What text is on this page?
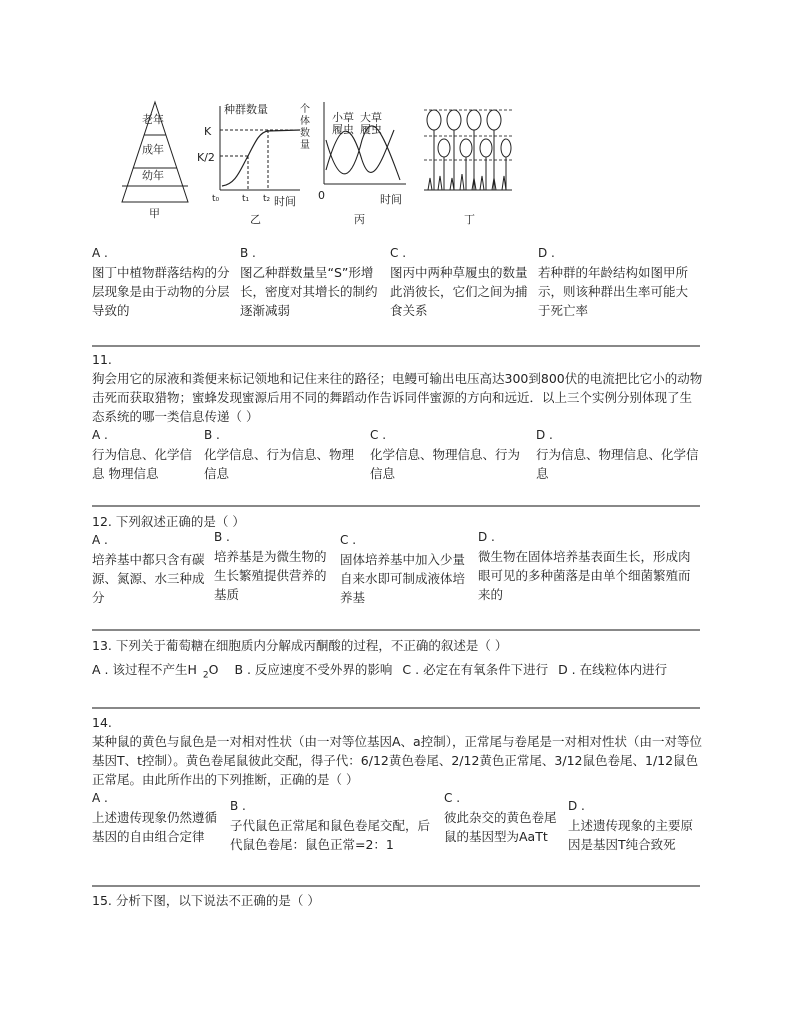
老年
成年
幼年
甲
种群数量
K
K/2
t₀	t₁ t₂ 时间
乙
个体数量
小草
履虫
大草
履虫
0	时间
丙	丁
A .
图丁中植物群落结构的分层现象是由于动物的分层导致的
B .
图乙种群数量呈“S”形增长，密度对其增长的制约逐渐减弱
C .
图丙中两种草履虫的数量此消彼长，它们之间为捕食关系
D .
若种群的年龄结构如图甲所示，则该种群出生率可能大于死亡率
11.
狗会用它的尿液和粪便来标记领地和记住来往的路径；电鳗可输出电压高达300到800伏的电流把比它小的动物击死而获取猎物；蜜蜂发现蜜源后用不同的舞蹈动作告诉同伴蜜源的方向和远近．以上三个实例分别体现了生态系统的哪一类信息传递（ ）
A .
行为信息、化学信息 物理信息
B .
化学信息、行为信息、物理信息
C .
化学信息、物理信息、行为信息
D .
行为信息、物理信息、化学信息
12. 下列叙述正确的是（ ）
A .
培养基中都只含有碳源、氮源、水三种成分
B .
培养基是为微生物的生长繁殖提供营养的基质
C .
固体培养基中加入少量自来水即可制成液体培养基
D .
微生物在固体培养基表面生长，形成肉眼可见的多种菌落是由单个细菌繁殖而来的
13. 下列关于葡萄糖在细胞质内分解成丙酮酸的过程，不正确的叙述是（ ）
A . 该过程不产生H $_2$O B . 反应速度不受外界的影响 C . 必定在有氧条件下进行 D . 在线粒体内进行
14.
某种鼠的黄色与鼠色是一对相对性状（由一对等位基因A、a控制），正常尾与卷尾是一对相对性状（由一对等位基因T、t控制）。黄色卷尾鼠彼此交配，得子代：6/12黄色卷尾、2/12黄色正常尾、3/12鼠色卷尾、1/12鼠色正常尾。由此所作出的下列推断，正确的是（ ）
A .
上述遗传现象仍然遵循基因的自由组合定律
B .
子代鼠色正常尾和鼠色卷尾交配，后代鼠色卷尾：鼠色正常=2：1
C .
彼此杂交的黄色卷尾鼠的基因型为AaTt
D .
上述遗传现象的主要原因是基因T纯合致死
15. 分析下图，以下说法不正确的是（ ）
